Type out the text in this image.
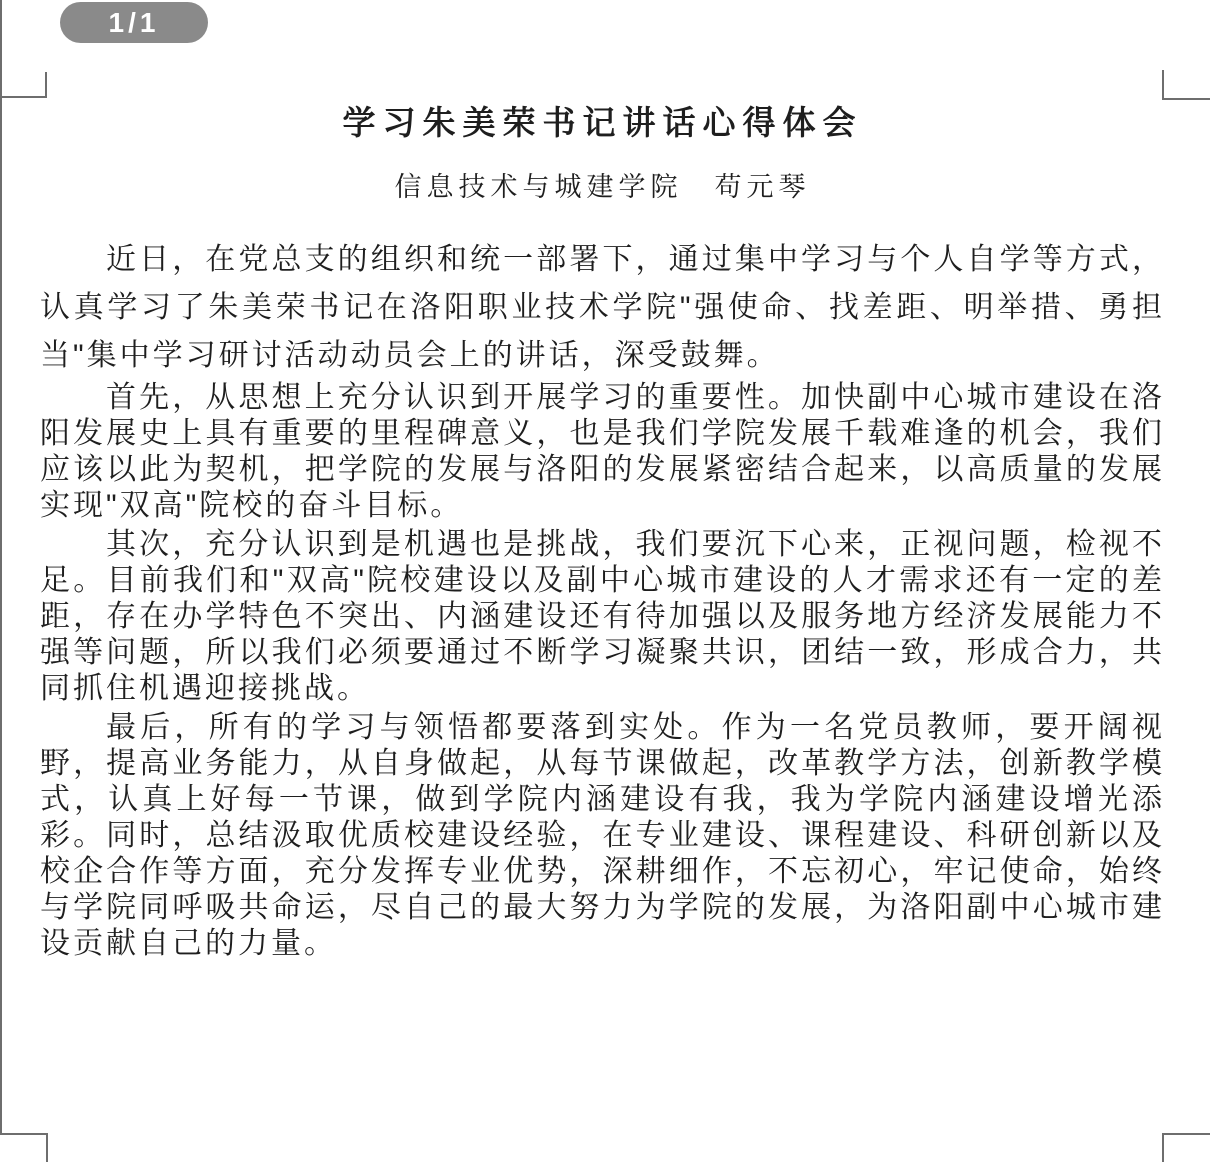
1/1
学习朱美荣书记讲话心得体会
信息技术与城建学院　苟元琴

近日，在党总支的组织和统一部署下，通过集中学习与个人自学等方式，认真学习了朱美荣书记在洛阳职业技术学院"强使命、找差距、明举措、勇担当"集中学习研讨活动动员会上的讲话，深受鼓舞。

首先，从思想上充分认识到开展学习的重要性。加快副中心城市建设在洛阳发展史上具有重要的里程碑意义，也是我们学院发展千载难逢的机会，我们应该以此为契机，把学院的发展与洛阳的发展紧密结合起来，以高质量的发展实现"双高"院校的奋斗目标。

其次，充分认识到是机遇也是挑战，我们要沉下心来，正视问题，检视不足。目前我们和"双高"院校建设以及副中心城市建设的人才需求还有一定的差距，存在办学特色不突出、内涵建设还有待加强以及服务地方经济发展能力不强等问题，所以我们必须要通过不断学习凝聚共识，团结一致，形成合力，共同抓住机遇迎接挑战。

最后，所有的学习与领悟都要落到实处。作为一名党员教师，要开阔视野，提高业务能力，从自身做起，从每节课做起，改革教学方法，创新教学模式，认真上好每一节课，做到学院内涵建设有我，我为学院内涵建设增光添彩。同时，总结汲取优质校建设经验，在专业建设、课程建设、科研创新以及校企合作等方面，充分发挥专业优势，深耕细作，不忘初心，牢记使命，始终与学院同呼吸共命运，尽自己的最大努力为学院的发展，为洛阳副中心城市建设贡献自己的力量。
